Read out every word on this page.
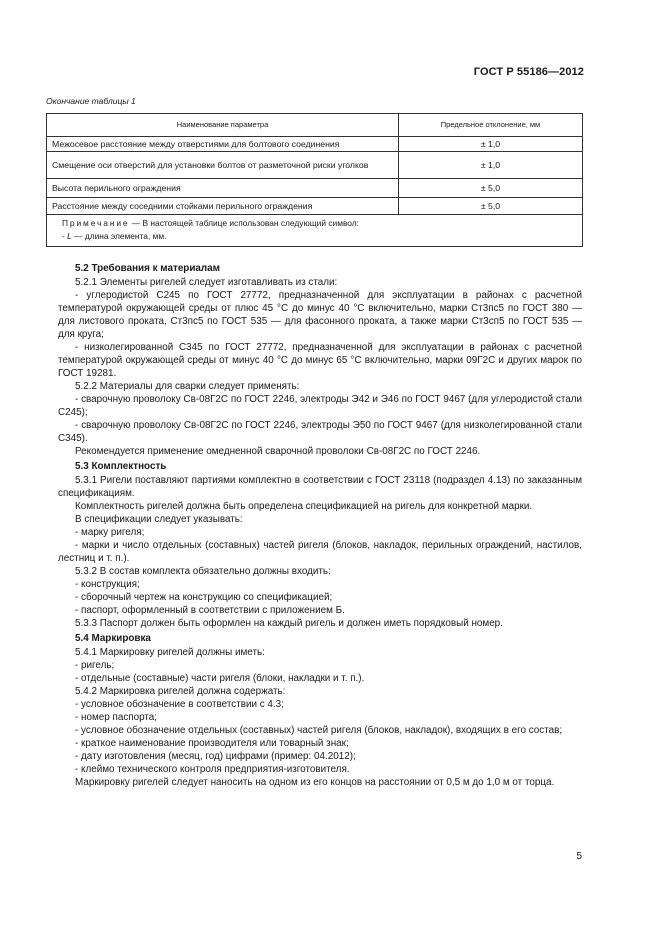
ГОСТ Р 55186—2012
Окончание таблицы 1
Наименование параметра	Предельное отклонение, мм
Межосевое расстояние между отверстиями для болтового соединения	± 1,0
Смещение оси отверстий для установки болтов от разметочной риски уголков	± 1,0
Высота перильного ограждения	± 5,0
Расстояние между соседними стойками перильного ограждения	± 5,0

Примечание — В настоящей таблице использован следующий символ:
- L — длина элемента, мм.	

5.2 Требования к материалам

5.2.1 Элементы ригелей следует изготавливать из стали:

- углеродистой С245 по ГОСТ 27772, предназначенной для эксплуатации в районах с расчетной температурой окружающей среды от плюс 45 °С до минус 40 °С включительно, марки Ст3пс5 по ГОСТ 380 — для листового проката, Ст3пс5 по ГОСТ 535 — для фасонного проката, а также марки Ст3сп5 по ГОСТ 535 — для круга;

- низколегированной С345 по ГОСТ 27772, предназначенной для эксплуатации в районах с расчетной температурой окружающей среды от минус 40 °С до минус 65 °С включительно, марки 09Г2С и других марок по ГОСТ 19281.

5.2.2 Материалы для сварки следует применять:

- сварочную проволоку Св-08Г2С по ГОСТ 2246, электроды Э42 и Э46 по ГОСТ 9467 (для углеродистой стали С245);

- сварочную проволоку Св-08Г2С по ГОСТ 2246, электроды Э50 по ГОСТ 9467 (для низколегированной стали С345).

Рекомендуется применение омедненной сварочной проволоки Св-08Г2С по ГОСТ 2246.

5.3 Комплектность

5.3.1 Ригели поставляют партиями комплектно в соответствии с ГОСТ 23118 (подраздел 4.13) по заказанным спецификациям.

Комплектность ригелей должна быть определена спецификацией на ригель для конкретной марки.

В спецификации следует указывать:

- марку ригеля;

- марки и число отдельных (составных) частей ригеля (блоков, накладок, перильных ограждений, настилов, лестниц и т. п.).

5.3.2 В состав комплекта обязательно должны входить:

- конструкция;

- сборочный чертеж на конструкцию со спецификацией;

- паспорт, оформленный в соответствии с приложением Б.

5.3.3 Паспорт должен быть оформлен на каждый ригель и должен иметь порядковый номер.

5.4 Маркировка

5.4.1 Маркировку ригелей должны иметь:

- ригель;

- отдельные (составные) части ригеля (блоки, накладки и т. п.).

5.4.2 Маркировка ригелей должна содержать:

- условное обозначение в соответствии с 4.3;

- номер паспорта;

- условное обозначение отдельных (составных) частей ригеля (блоков, накладок), входящих в его состав;

- краткое наименование производителя или товарный знак;

- дату изготовления (месяц, год) цифрами (пример: 04.2012);

- клеймо технического контроля предприятия-изготовителя.

Маркировку ригелей следует наносить на одном из его концов на расстоянии от 0,5 м до 1,0 м от торца.

5
